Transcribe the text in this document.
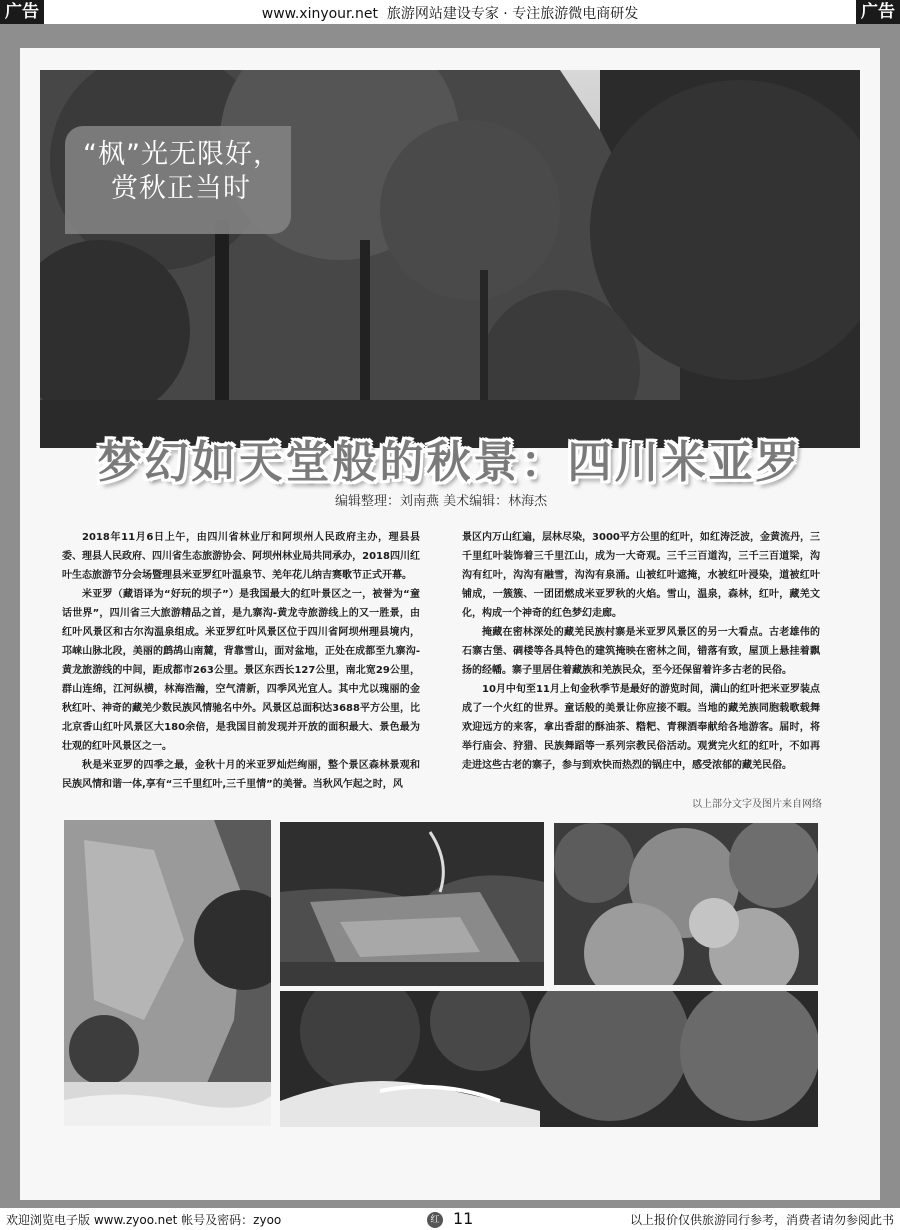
广告	www.xinyour.net 旅游网站建设专家 · 专注旅游微电商研发	广告
“枫”光无限好，
赏秋正当时
梦幻如天堂般的秋景：四川米亚罗
编辑整理：刘南燕 美术编辑：林海杰

2018年11月6日上午，由四川省林业厅和阿坝州人民政府主办，理县县委、理县人民政府、四川省生态旅游协会、阿坝州林业局共同承办，2018四川红叶生态旅游节分会场暨理县米亚罗红叶温泉节、羌年花儿纳吉赛歌节正式开幕。

米亚罗（藏语译为“好玩的坝子”）是我国最大的红叶景区之一，被誉为“童话世界”，四川省三大旅游精品之首，是九寨沟-黄龙寺旅游线上的又一胜景，由红叶风景区和古尔沟温泉组成。米亚罗红叶风景区位于四川省阿坝州理县境内，邛崃山脉北段，美丽的鹧鸪山南麓，背靠雪山，面对盆地，正处在成都至九寨沟-黄龙旅游线的中间，距成都市263公里。景区东西长127公里，南北宽29公里，群山连绵，江河纵横，林海浩瀚，空气清新，四季风光宜人。其中尤以瑰丽的金秋红叶、神奇的藏羌少数民族风情驰名中外。风景区总面积达3688平方公里，比北京香山红叶风景区大180余倍，是我国目前发现并开放的面积最大、景色最为壮观的红叶风景区之一。

秋是米亚罗的四季之最，金秋十月的米亚罗灿烂绚丽，整个景区森林景观和民族风情和谐一体,享有“三千里红叶,三千里情”的美誉。当秋风乍起之时，风

景区内万山红遍，层林尽染，3000平方公里的红叶，如红涛泛波，金黄流丹，三千里红叶装饰着三千里江山，成为一大奇观。三千三百道沟，三千三百道梁，沟沟有红叶，沟沟有融雪，沟沟有泉涌。山被红叶遮掩，水被红叶浸染，道被红叶铺成，一簇簇、一团团燃成米亚罗秋的火焰。雪山，温泉，森林，红叶，藏羌文化，构成一个神奇的红色梦幻走廊。

掩藏在密林深处的藏羌民族村寨是米亚罗风景区的另一大看点。古老雄伟的石寨古堡、碉楼等各具特色的建筑掩映在密林之间，错落有致，屋顶上悬挂着飘扬的经幡。寨子里居住着藏族和羌族民众，至今还保留着许多古老的民俗。

10月中旬至11月上旬金秋季节是最好的游览时间，满山的红叶把米亚罗装点成了一个火红的世界。童话般的美景让你应接不暇。当地的藏羌族同胞载歌载舞欢迎远方的来客，拿出香甜的酥油茶、糌粑、青稞酒奉献给各地游客。届时，将举行庙会、狩猎、民族舞蹈等一系列宗教民俗活动。观赏完火红的红叶，不如再走进这些古老的寨子，参与到欢快而热烈的锅庄中，感受浓郁的藏羌民俗。

以上部分文字及图片来自网络
欢迎浏览电子版 www.zyoo.net 帐号及密码：zyoo	红 11	以上报价仅供旅游同行参考，消费者请勿参阅此书
